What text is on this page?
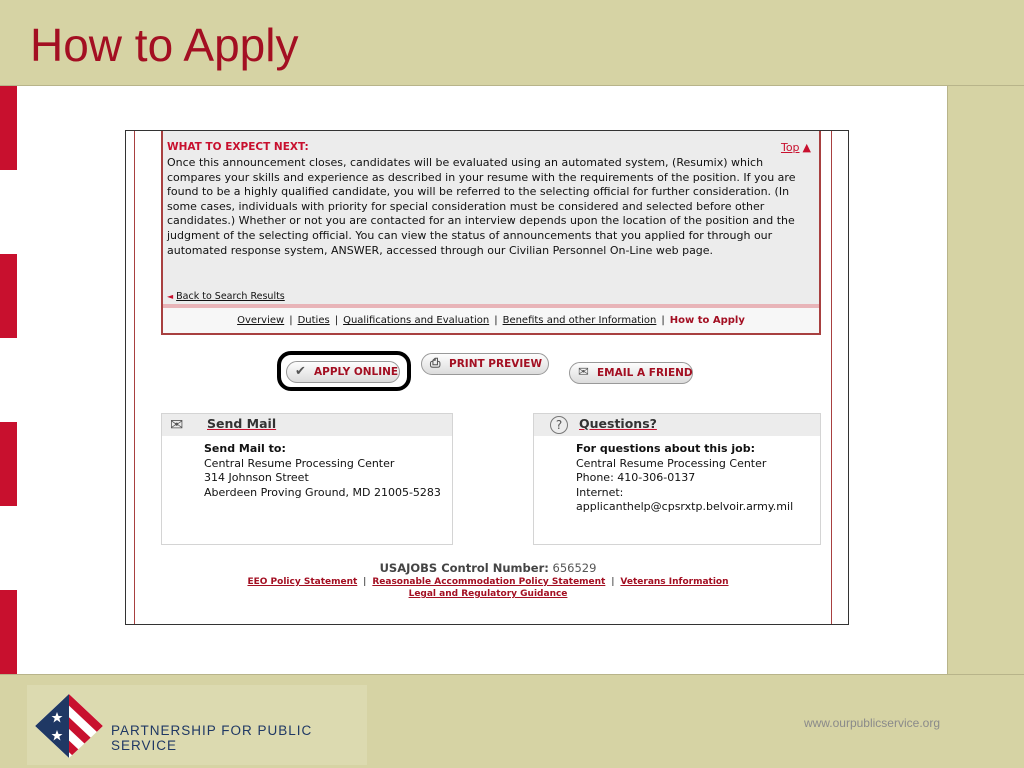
How to Apply
WHAT TO EXPECT NEXT:	Top ▲
Once this announcement closes, candidates will be evaluated using an automated system, (Resumix) which compares your skills and experience as described in your resume with the requirements of the position. If you are found to be a highly qualified candidate, you will be referred to the selecting official for further consideration. (In some cases, individuals with priority for special consideration must be considered and selected before other candidates.) Whether or not you are contacted for an interview depends upon the location of the position and the judgment of the selecting official. You can view the status of announcements that you applied for through our automated response system, ANSWER, accessed through our Civilian Personnel On-Line web page.
◄ Back to Search Results
Overview | Duties | Qualifications and Evaluation | Benefits and other Information | How to Apply
✔ APPLY ONLINE
⎙ PRINT PREVIEW
✉ EMAIL A FRIEND
✉ Send Mail
Send Mail to:
Central Resume Processing Center
314 Johnson Street
Aberdeen Proving Ground, MD 21005-5283
?	Questions?
For questions about this job:
Central Resume Processing Center
Phone: 410-306-0137
Internet:
applicanthelp@cpsrxtp.belvoir.army.mil
USAJOBS Control Number: 656529
EEO Policy Statement | Reasonable Accommodation Policy Statement | Veterans Information
Legal and Regulatory Guidance
PARTNERSHIP FOR PUBLIC SERVICE
www.ourpublicservice.org
